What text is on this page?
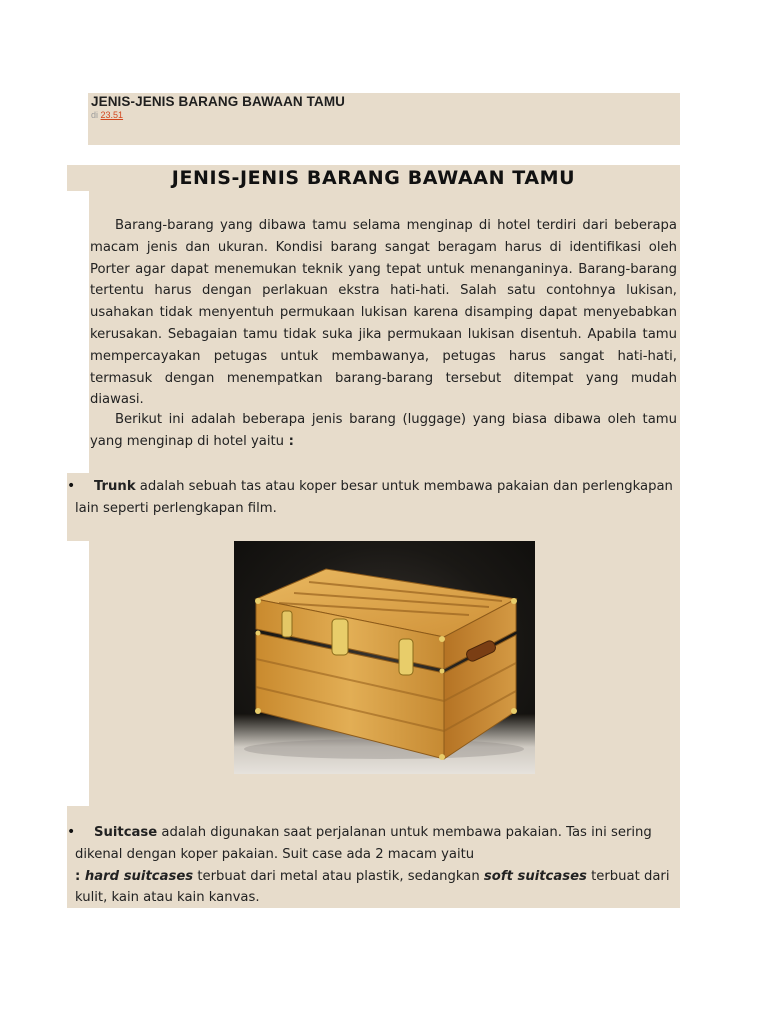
JENIS-JENIS BARANG BAWAAN TAMU
di 23.51
JENIS-JENIS BARANG BAWAAN TAMU
Barang-barang yang dibawa tamu selama menginap di hotel terdiri dari beberapa macam jenis dan ukuran. Kondisi barang sangat beragam harus di identifikasi oleh Porter agar dapat menemukan teknik yang tepat untuk menanganinya. Barang-barang tertentu harus dengan perlakuan ekstra hati-hati. Salah satu contohnya lukisan, usahakan tidak menyentuh permukaan lukisan karena disamping dapat menyebabkan kerusakan. Sebagaian tamu tidak suka jika permukaan lukisan disentuh. Apabila tamu mempercayakan petugas untuk membawanya, petugas harus sangat hati-hati, termasuk dengan menempatkan barang-barang tersebut ditempat yang mudah diawasi.
Berikut ini adalah beberapa jenis barang (luggage) yang biasa dibawa oleh tamu yang menginap di hotel yaitu :
•	Trunk adalah sebuah tas atau koper besar untuk membawa pakaian dan perlengkapan lain seperti perlengkapan film.
•	Suitcase adalah digunakan saat perjalanan untuk membawa pakaian. Tas ini sering dikenal dengan koper pakaian. Suit case ada 2 macam yaitu
: hard suitcases terbuat dari metal atau plastik, sedangkan soft suitcases terbuat dari kulit, kain atau kain kanvas.
